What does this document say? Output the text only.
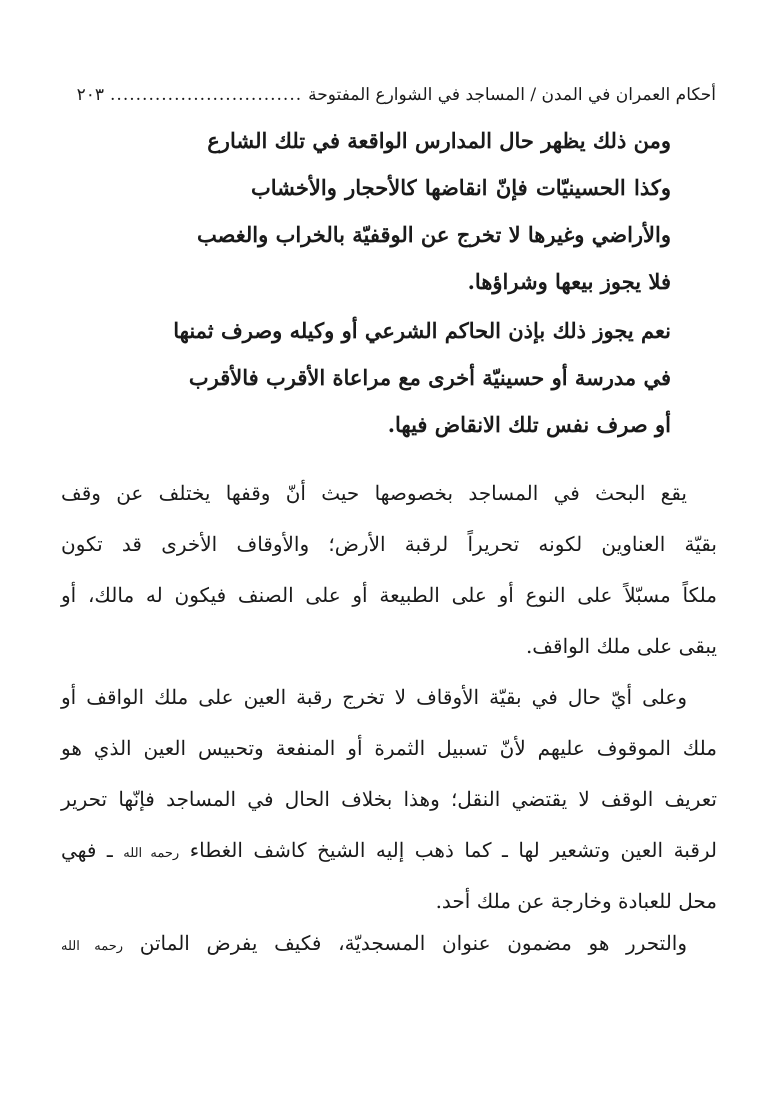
أحكام العمران في المدن / المساجد في الشوارع المفتوحة
..............................
٢٠٣

ومن ذلك يظهر حال المدارس الواقعة في تلك الشارع

وكذا الحسينيّات فإنّ انقاضها كالأحجار والأخشاب

والأراضي وغيرها لا تخرج عن الوقفيّة بالخراب والغصب

فلا يجوز بيعها وشراؤها.

نعم يجوز ذلك بإذن الحاكم الشرعي أو وكيله وصرف ثمنها

في مدرسة أو حسينيّة أخرى مع مراعاة الأقرب فالأقرب

أو صرف نفس تلك الانقاض فيها.

يقع البحث في المساجد بخصوصها حيث أنّ وقفها يختلف عن وقف

بقيّة العناوين لكونه تحريراً لرقبة الأرض؛ والأوقاف الأخرى قد تكون

ملكاً مسبّلاً على النوع أو على الطبيعة أو على الصنف فيكون له مالك، أو

يبقى على ملك الواقف.

وعلى أيّ حال في بقيّة الأوقاف لا تخرج رقبة العين على ملك الواقف أو

ملك الموقوف عليهم لأنّ تسبيل الثمرة أو المنفعة وتحبيس العين الذي هو

تعريف الوقف لا يقتضي النقل؛ وهذا بخلاف الحال في المساجد فإنّها تحرير

لرقبة العين وتشعير لها ـ كما ذهب إليه الشيخ كاشف الغطاء رحمه الله ـ فهي

محل للعبادة وخارجة عن ملك أحد.

والتحرر هو مضمون عنوان المسجديّة، فكيف يفرض الماتن رحمه الله
